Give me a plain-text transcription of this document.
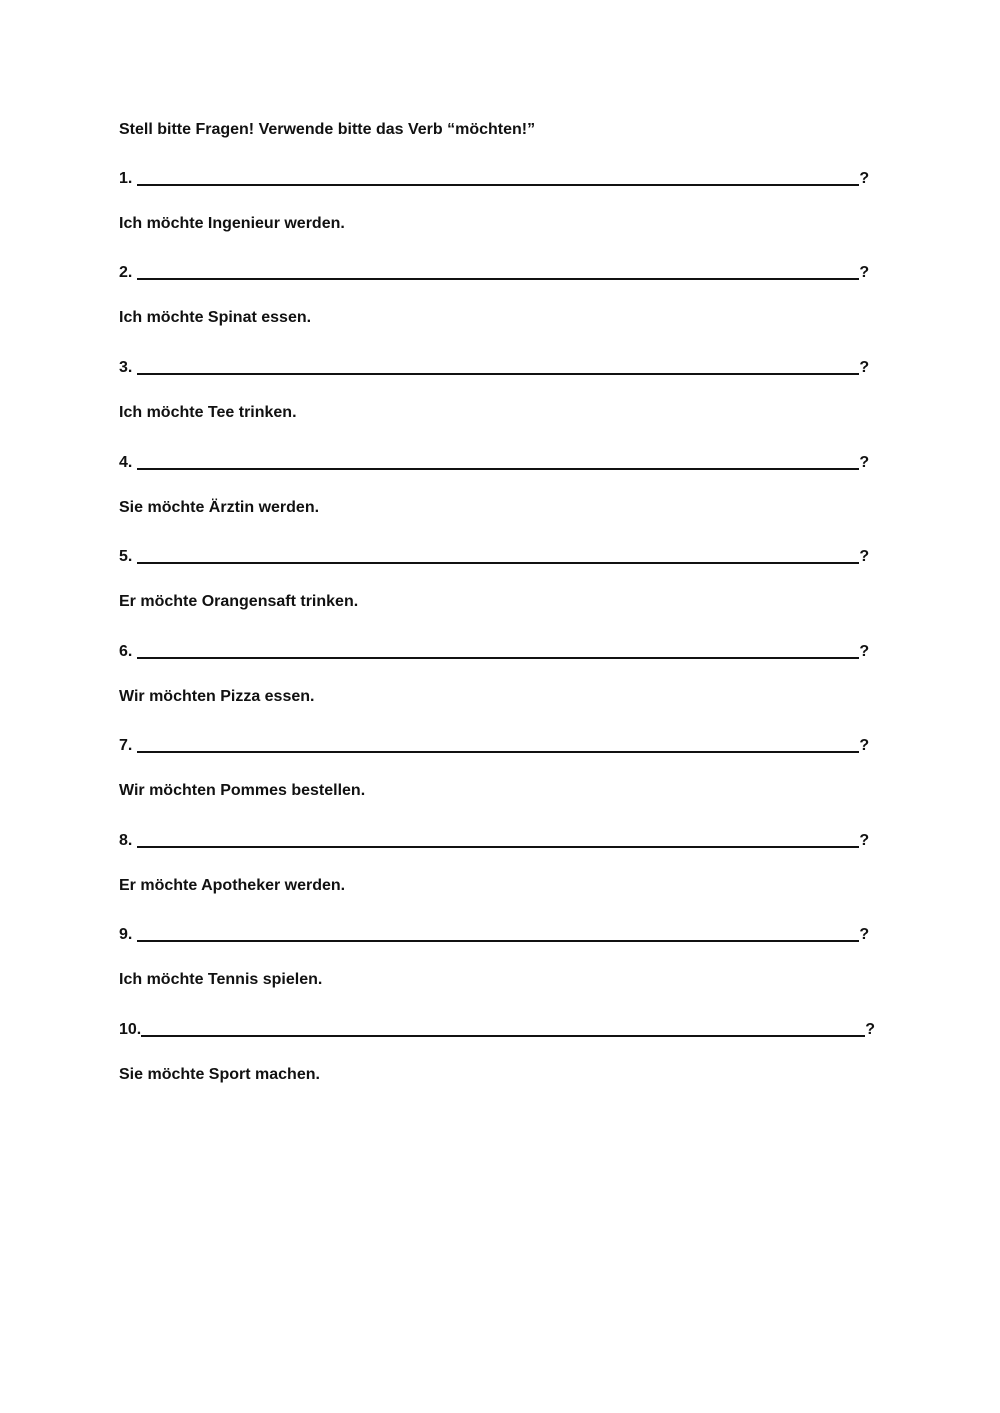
Stell bitte Fragen! Verwende bitte das Verb “möchten!”
1.	?
Ich möchte Ingenieur werden.
2.	?
Ich möchte Spinat essen.
3.	?
Ich möchte Tee trinken.
4.	?
Sie möchte Ärztin werden.
5.	?
Er möchte Orangensaft trinken.
6.	?
Wir möchten Pizza essen.
7.	?
Wir möchten Pommes bestellen.
8.	?
Er möchte Apotheker werden.
9.	?
Ich möchte Tennis spielen.
10.	?
Sie möchte Sport machen.
